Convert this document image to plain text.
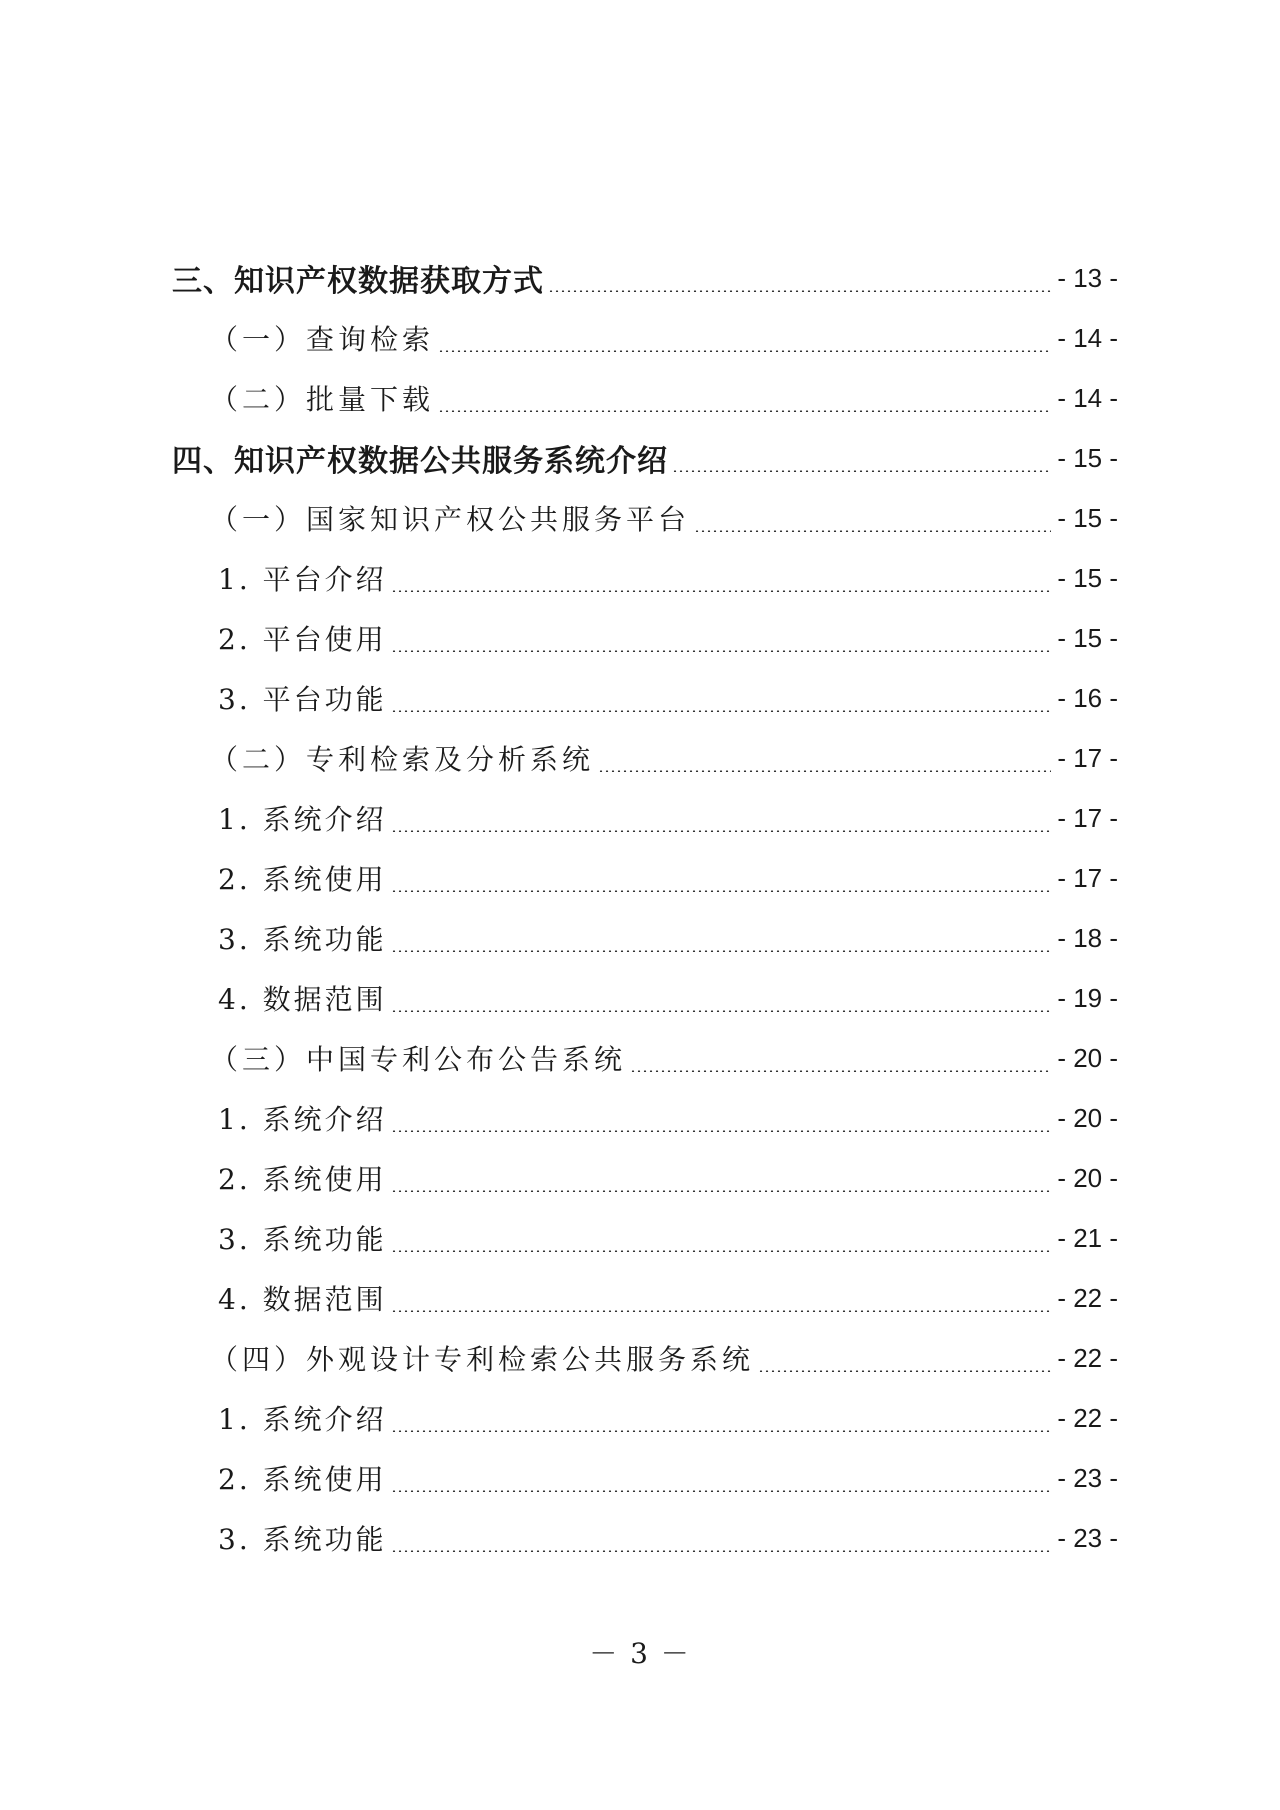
三、知识产权数据获取方式	- 13 -
（一）查询检索	- 14 -
（二）批量下载	- 14 -
四、知识产权数据公共服务系统介绍	- 15 -
（一）国家知识产权公共服务平台	- 15 -
1. 平台介绍	- 15 -
2. 平台使用	- 15 -
3. 平台功能	- 16 -
（二）专利检索及分析系统	- 17 -
1. 系统介绍	- 17 -
2. 系统使用	- 17 -
3. 系统功能	- 18 -
4. 数据范围	- 19 -
（三）中国专利公布公告系统	- 20 -
1. 系统介绍	- 20 -
2. 系统使用	- 20 -
3. 系统功能	- 21 -
4. 数据范围	- 22 -
（四）外观设计专利检索公共服务系统	- 22 -
1. 系统介绍	- 22 -
2. 系统使用	- 23 -
3. 系统功能	- 23 -
－ 3 －
